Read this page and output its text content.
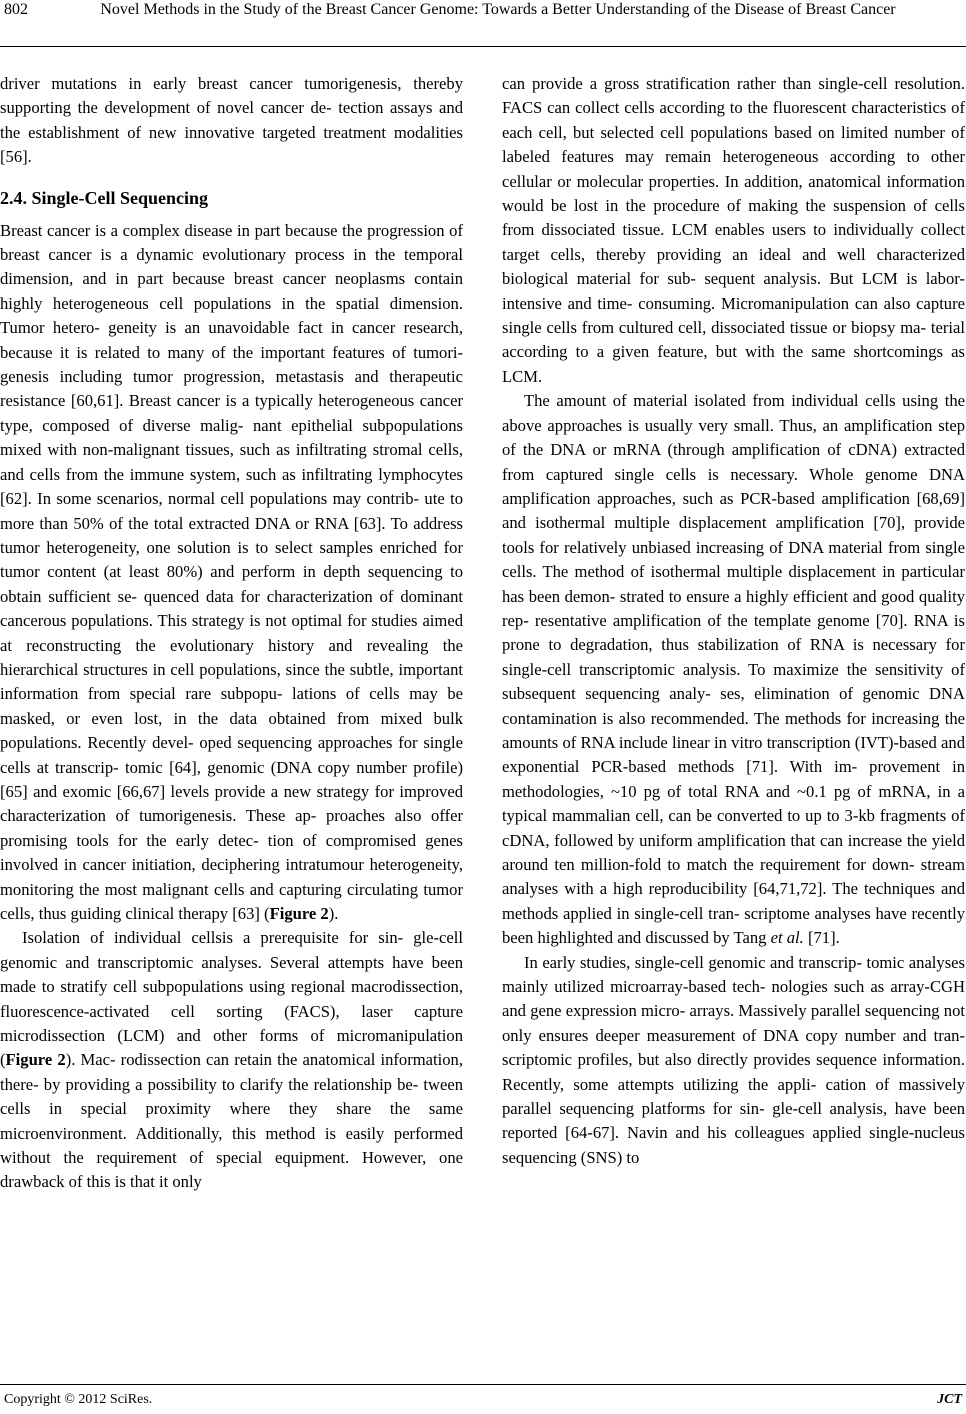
802	Novel Methods in the Study of the Breast Cancer Genome: Towards a Better Understanding of the Disease of Breast Cancer

driver mutations in early breast cancer tumorigenesis, thereby supporting the development of novel cancer de- tection assays and the establishment of new innovative targeted treatment modalities [56].

2.4. Single-Cell Sequencing

Breast cancer is a complex disease in part because the progression of breast cancer is a dynamic evolutionary process in the temporal dimension, and in part because breast cancer neoplasms contain highly heterogeneous cell populations in the spatial dimension. Tumor hetero- geneity is an unavoidable fact in cancer research, because it is related to many of the important features of tumori- genesis including tumor progression, metastasis and therapeutic resistance [60,61]. Breast cancer is a typically heterogeneous cancer type, composed of diverse malig- nant epithelial subpopulations mixed with non-malignant tissues, such as infiltrating stromal cells, and cells from the immune system, such as infiltrating lymphocytes [62]. In some scenarios, normal cell populations may contrib- ute to more than 50% of the total extracted DNA or RNA [63]. To address tumor heterogeneity, one solution is to select samples enriched for tumor content (at least 80%) and perform in depth sequencing to obtain sufficient se- quenced data for characterization of dominant cancerous populations. This strategy is not optimal for studies aimed at reconstructing the evolutionary history and revealing the hierarchical structures in cell populations, since the subtle, important information from special rare subpopu- lations of cells may be masked, or even lost, in the data obtained from mixed bulk populations. Recently devel- oped sequencing approaches for single cells at transcrip- tomic [64], genomic (DNA copy number profile) [65] and exomic [66,67] levels provide a new strategy for improved characterization of tumorigenesis. These ap- proaches also offer promising tools for the early detec- tion of compromised genes involved in cancer initiation, deciphering intratumour heterogeneity, monitoring the most malignant cells and capturing circulating tumor cells, thus guiding clinical therapy [63] (Figure 2).

Isolation of individual cellsis a prerequisite for sin- gle-cell genomic and transcriptomic analyses. Several attempts have been made to stratify cell subpopulations using regional macrodissection, fluorescence-activated cell sorting (FACS), laser capture microdissection (LCM) and other forms of micromanipulation (Figure 2). Mac- rodissection can retain the anatomical information, there- by providing a possibility to clarify the relationship be- tween cells in special proximity where they share the same microenvironment. Additionally, this method is easily performed without the requirement of special equipment. However, one drawback of this is that it only

can provide a gross stratification rather than single-cell resolution. FACS can collect cells according to the fluorescent characteristics of each cell, but selected cell populations based on limited number of labeled features may remain heterogeneous according to other cellular or molecular properties. In addition, anatomical information would be lost in the procedure of making the suspension of cells from dissociated tissue. LCM enables users to individually collect target cells, thereby providing an ideal and well characterized biological material for sub- sequent analysis. But LCM is labor-intensive and time- consuming. Micromanipulation can also capture single cells from cultured cell, dissociated tissue or biopsy ma- terial according to a given feature, but with the same shortcomings as LCM.

The amount of material isolated from individual cells using the above approaches is usually very small. Thus, an amplification step of the DNA or mRNA (through amplification of cDNA) extracted from captured single cells is necessary. Whole genome DNA amplification approaches, such as PCR-based amplification [68,69] and isothermal multiple displacement amplification [70], provide tools for relatively unbiased increasing of DNA material from single cells. The method of isothermal multiple displacement in particular has been demon- strated to ensure a highly efficient and good quality rep- resentative amplification of the template genome [70]. RNA is prone to degradation, thus stabilization of RNA is necessary for single-cell transcriptomic analysis. To maximize the sensitivity of subsequent sequencing analy- ses, elimination of genomic DNA contamination is also recommended. The methods for increasing the amounts of RNA include linear in vitro transcription (IVT)-based and exponential PCR-based methods [71]. With im- provement in methodologies, ~10 pg of total RNA and ~0.1 pg of mRNA, in a typical mammalian cell, can be converted to up to 3-kb fragments of cDNA, followed by uniform amplification that can increase the yield around ten million-fold to match the requirement for down- stream analyses with a high reproducibility [64,71,72]. The techniques and methods applied in single-cell tran- scriptome analyses have recently been highlighted and discussed by Tang et al. [71].

In early studies, single-cell genomic and transcrip- tomic analyses mainly utilized microarray-based tech- nologies such as array-CGH and gene expression micro- arrays. Massively parallel sequencing not only ensures deeper measurement of DNA copy number and tran- scriptomic profiles, but also directly provides sequence information. Recently, some attempts utilizing the appli- cation of massively parallel sequencing platforms for sin- gle-cell analysis, have been reported [64-67]. Navin and his colleagues applied single-nucleus sequencing (SNS) to

Copyright © 2012 SciRes.	JCT
